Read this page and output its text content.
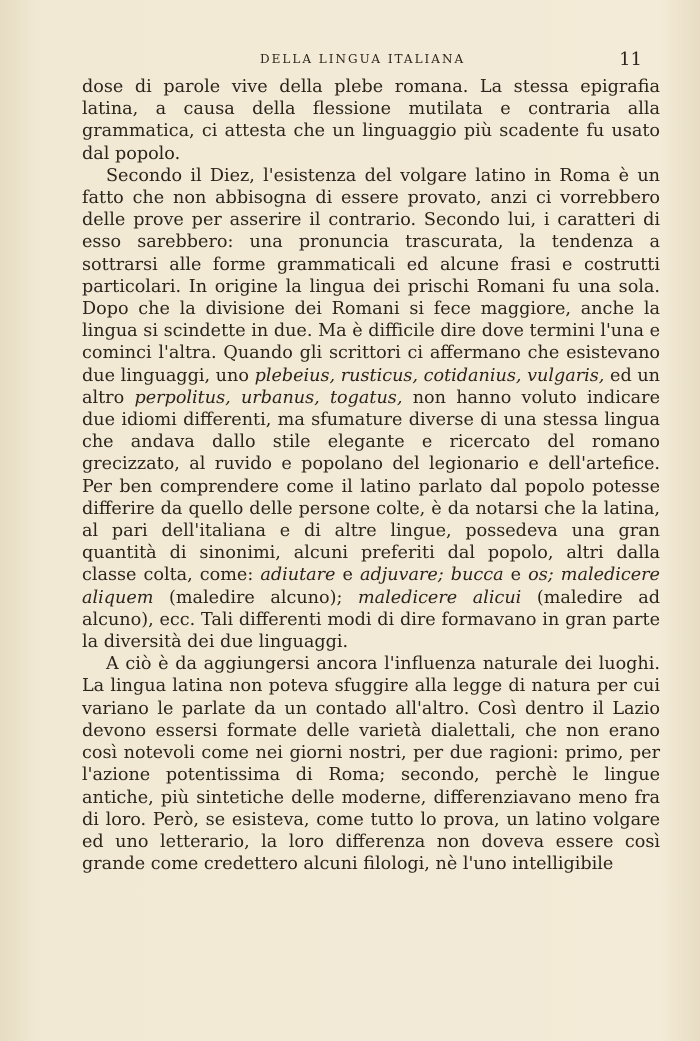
DELLA LINGUA ITALIANA	11

dose di parole vive della plebe romana. La stessa epigrafia latina, a causa della flessione mutilata e contraria alla grammatica, ci attesta che un linguaggio più scadente fu usato dal popolo.

Secondo il Diez, l'esistenza del volgare latino in Roma è un fatto che non abbisogna di essere provato, anzi ci vorrebbero delle prove per asserire il contrario. Secondo lui, i caratteri di esso sarebbero: una pronuncia trascurata, la tendenza a sottrarsi alle forme grammaticali ed alcune frasi e costrutti particolari. In origine la lingua dei prischi Romani fu una sola. Dopo che la divisione dei Romani si fece maggiore, anche la lingua si scindette in due. Ma è difficile dire dove termini l'una e cominci l'altra. Quando gli scrittori ci affermano che esistevano due linguaggi, uno plebeius, rusticus, cotidanius, vulgaris, ed un altro perpolitus, urbanus, togatus, non hanno voluto indicare due idiomi differenti, ma sfumature diverse di una stessa lingua che andava dallo stile elegante e ricercato del romano grecizzato, al ruvido e popolano del legionario e dell'artefice. Per ben comprendere come il latino parlato dal popolo potesse differire da quello delle persone colte, è da notarsi che la latina, al pari dell'italiana e di altre lingue, possedeva una gran quantità di sinonimi, alcuni preferiti dal popolo, altri dalla classe colta, come: adiutare e adjuvare; bucca e os; maledicere aliquem (maledire alcuno); maledicere alicui (maledire ad alcuno), ecc. Tali differenti modi di dire formavano in gran parte la diversità dei due linguaggi.

A ciò è da aggiungersi ancora l'influenza naturale dei luoghi. La lingua latina non poteva sfuggire alla legge di natura per cui variano le parlate da un contado all'altro. Così dentro il Lazio devono essersi formate delle varietà dialettali, che non erano così notevoli come nei giorni nostri, per due ragioni: primo, per l'azione potentissima di Roma; secondo, perchè le lingue antiche, più sintetiche delle moderne, differenziavano meno fra di loro. Però, se esisteva, come tutto lo prova, un latino volgare ed uno letterario, la loro differenza non doveva essere così grande come credettero alcuni filologi, nè l'uno intelligibile
